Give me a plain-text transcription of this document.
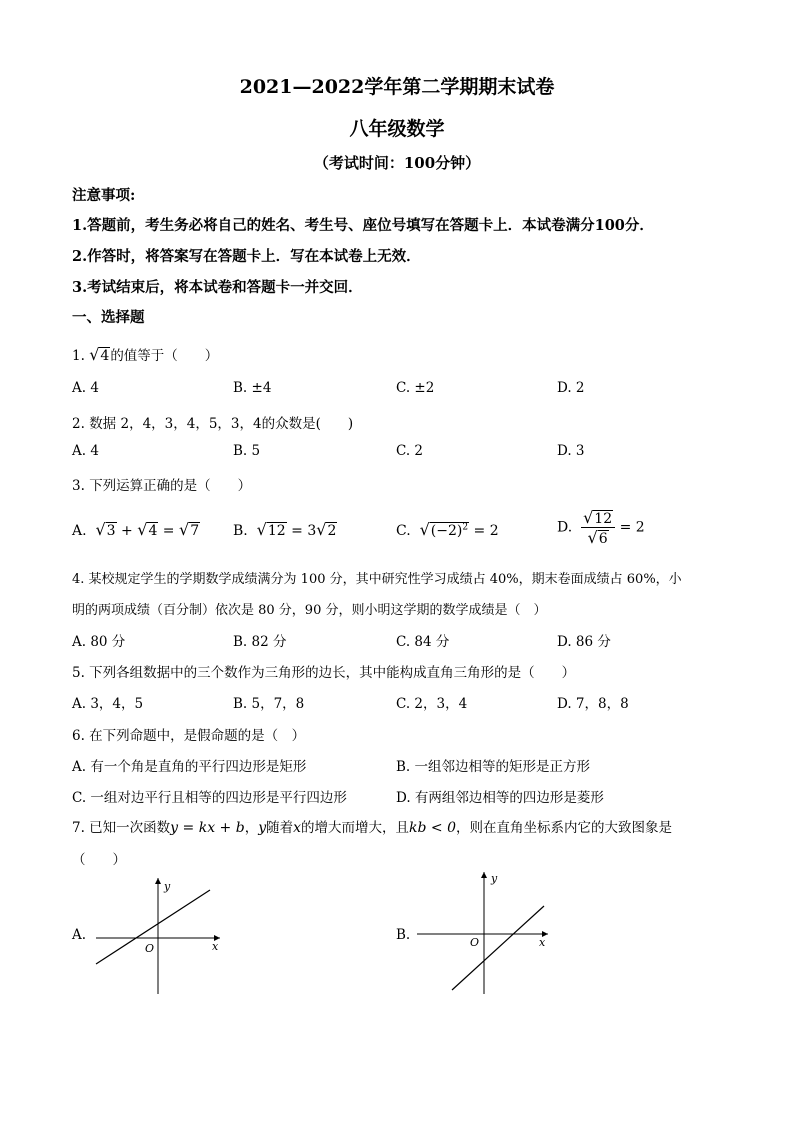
2021—2022学年第二学期期末试卷
八年级数学
（考试时间：100分钟）
注意事项:
1.答题前，考生务必将自己的姓名、考生号、座位号填写在答题卡上．本试卷满分100分．
2.作答时，将答案写在答题卡上．写在本试卷上无效．
3.考试结束后，将本试卷和答题卡一并交回．
一、选择题
1. √4的值等于（　　）
A. 4	B. ±4	C. ±2	D. 2
2. 数据 2，4，3，4，5，3，4的众数是(　　)
A. 4	B. 5	C. 2	D. 3
3. 下列运算正确的是（　　）
A. √3 + √4 = √7 B. √12 = 3√2	C. $√(-2)^2 = 2$	D. $\frac{√12}{√6} = 2$
4. 某校规定学生的学期数学成绩满分为 100 分，其中研究性学习成绩占 40%，期末卷面成绩占 60%，小
明的两项成绩（百分制）依次是 80 分，90 分，则小明这学期的数学成绩是（　）
A. 80 分	B. 82 分	C. 84 分	D. 86 分
5. 下列各组数据中的三个数作为三角形的边长，其中能构成直角三角形的是（　　）
A. 3，4，5	B. 5，7，8	C. 2，3，4	D. 7，8，8
6. 在下列命题中，是假命题的是（　）
A. 有一个角是直角的平行四边形是矩形	B. 一组邻边相等的矩形是正方形
C. 一组对边平行且相等的四边形是平行四边形	D. 有两组邻边相等的四边形是菱形
7. 已知一次函数y = kx + b，y随着x的增大而增大，且kb < 0，则在直角坐标系内它的大致图象是
（　　）
A.
y
x
O
B.
y
x
O
